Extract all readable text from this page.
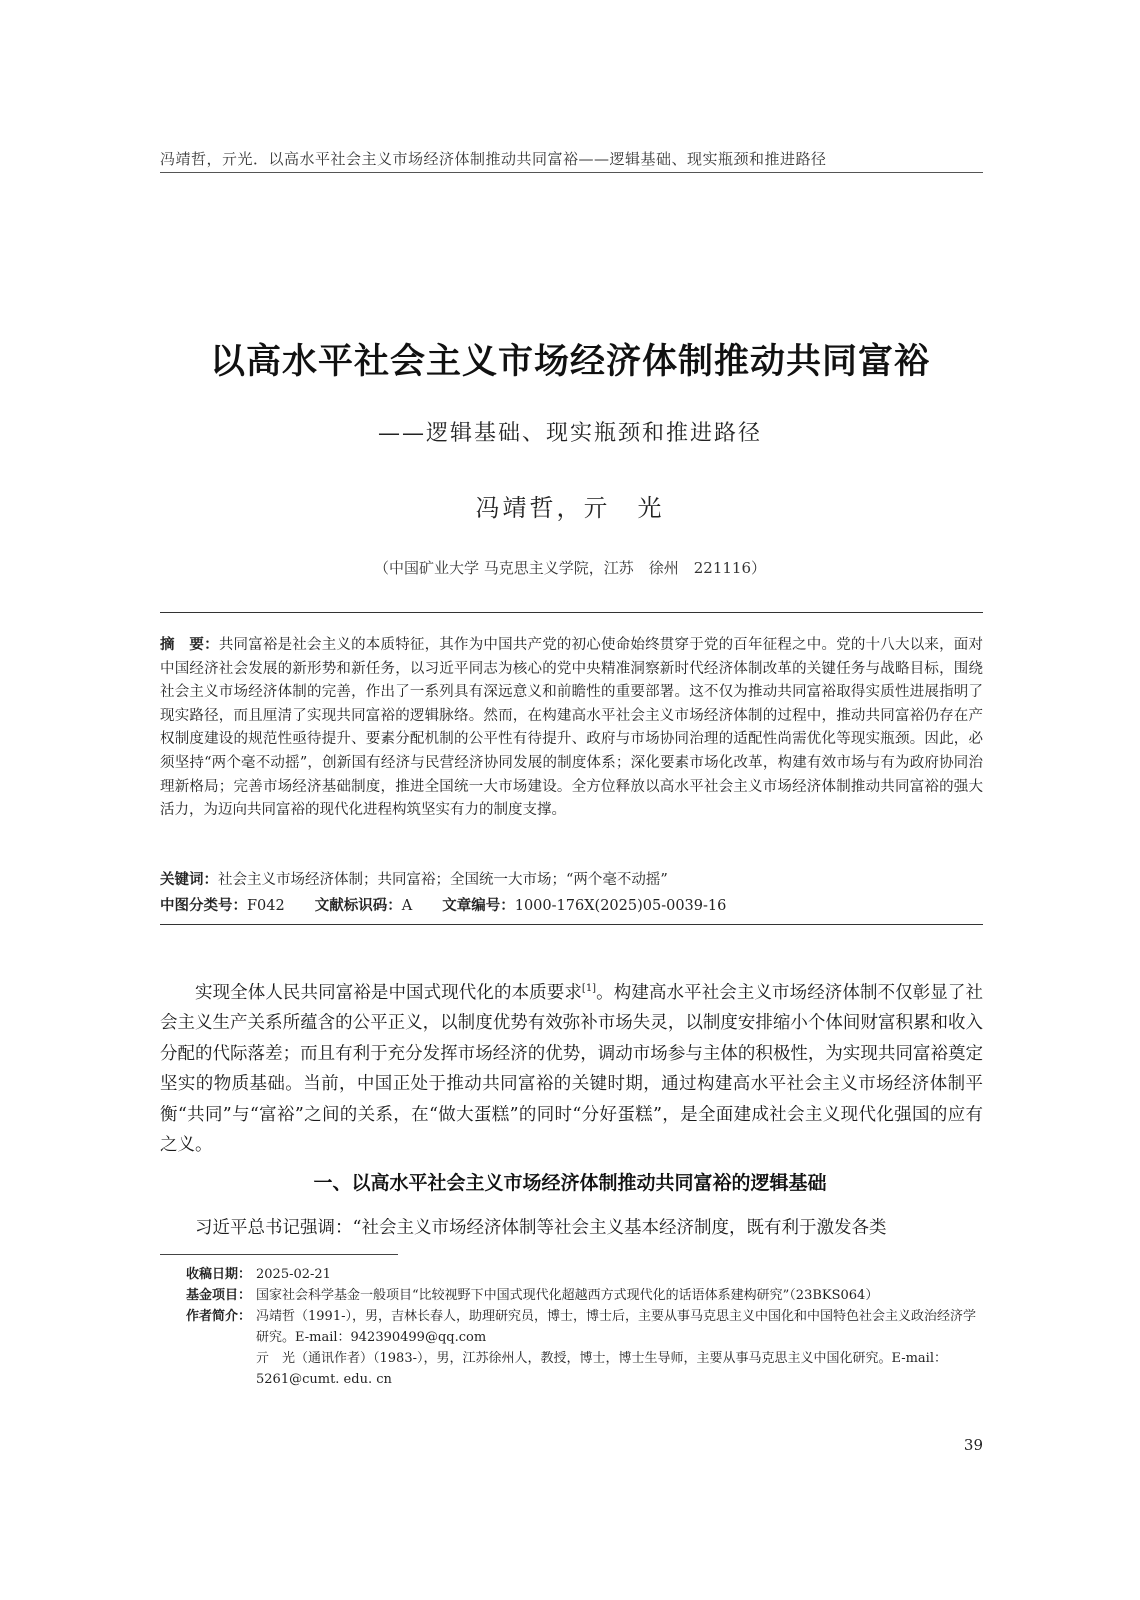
冯靖哲，亓光．以高水平社会主义市场经济体制推动共同富裕——逻辑基础、现实瓶颈和推进路径
以高水平社会主义市场经济体制推动共同富裕
——逻辑基础、现实瓶颈和推进路径
冯靖哲，亓　光
（中国矿业大学 马克思主义学院，江苏　徐州　221116）
摘　要：共同富裕是社会主义的本质特征，其作为中国共产党的初心使命始终贯穿于党的百年征程之中。党的十八大以来，面对中国经济社会发展的新形势和新任务，以习近平同志为核心的党中央精准洞察新时代经济体制改革的关键任务与战略目标，围绕社会主义市场经济体制的完善，作出了一系列具有深远意义和前瞻性的重要部署。这不仅为推动共同富裕取得实质性进展指明了现实路径，而且厘清了实现共同富裕的逻辑脉络。然而，在构建高水平社会主义市场经济体制的过程中，推动共同富裕仍存在产权制度建设的规范性亟待提升、要素分配机制的公平性有待提升、政府与市场协同治理的适配性尚需优化等现实瓶颈。因此，必须坚持“两个毫不动摇”，创新国有经济与民营经济协同发展的制度体系；深化要素市场化改革，构建有效市场与有为政府协同治理新格局；完善市场经济基础制度，推进全国统一大市场建设。全方位释放以高水平社会主义市场经济体制推动共同富裕的强大活力，为迈向共同富裕的现代化进程构筑坚实有力的制度支撑。
关键词：社会主义市场经济体制；共同富裕；全国统一大市场；“两个毫不动摇”
中图分类号：F042 文献标识码：A 文章编号：1000-176X(2025)05-0039-16

实现全体人民共同富裕是中国式现代化的本质要求[1]。构建高水平社会主义市场经济体制不仅彰显了社会主义生产关系所蕴含的公平正义，以制度优势有效弥补市场失灵，以制度安排缩小个体间财富积累和收入分配的代际落差；而且有利于充分发挥市场经济的优势，调动市场参与主体的积极性，为实现共同富裕奠定坚实的物质基础。当前，中国正处于推动共同富裕的关键时期，通过构建高水平社会主义市场经济体制平衡“共同”与“富裕”之间的关系，在“做大蛋糕”的同时“分好蛋糕”，是全面建成社会主义现代化强国的应有之义。

一、以高水平社会主义市场经济体制推动共同富裕的逻辑基础
习近平总书记强调：“社会主义市场经济体制等社会主义基本经济制度，既有利于激发各类
收稿日期： 2025-02-21
基金项目： 国家社会科学基金一般项目“比较视野下中国式现代化超越西方式现代化的话语体系建构研究”（23BKS064）
作者简介： 冯靖哲（1991-），男，吉林长春人，助理研究员，博士，博士后，主要从事马克思主义中国化和中国特色社会主义政治经济学研究。E-mail：942390499@qq.com
亓　光（通讯作者）（1983-），男，江苏徐州人，教授，博士，博士生导师，主要从事马克思主义中国化研究。E-mail：5261@cumt. edu. cn
39
